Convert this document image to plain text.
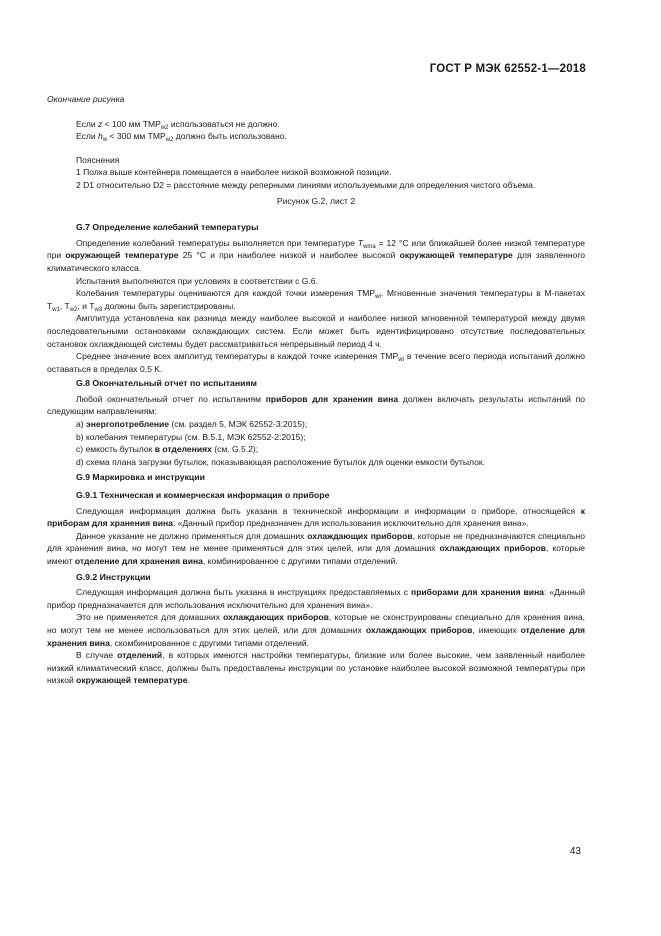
ГОСТ Р МЭК 62552-1—2018

Окончание рисунка

Если z < 100 мм $TMP_{w2}$ использоваться не должно.

Если $h_w < 300$ мм $TMP_{w2}$ должно быть использовано.

Пояснения

1 Полка выше контейнера помещается в наиболее низкой возможной позиции.

2 D1 относительно D2 = расстояние между реперными линиями используемыми для определения чистого объема.

Рисунок G.2, лист 2

G.7 Определение колебаний температуры

Определение колебаний температуры выполняется при температуре $T_{wma} = 12$ °C или ближайшей более низкой температуре при окружающей температуре 25 °C и при наиболее низкой и наиболее высокой окружающей температуре для заявленного климатического класса.

Испытания выполняются при условиях в соответствии с G.6.

Колебания температуры оцениваются для каждой точки измерения $TMP_{wi}$. Мгновенные значения температуры в М-пакетах $T_{w1}$, $T_{w2}$, и $T_{w3}$ должны быть зарегистрированы.

Амплитуда установлена как разница между наиболее высокой и наиболее низкой мгновенной температурой между двумя последовательными остановками охлаждающих систем. Если может быть идентифицировано отсутствие последовательных остановок охлаждающей системы будет рассматриваться непрерывный период 4 ч.

Среднее значение всех амплитуд температуры в каждой точке измерения $TMP_{wi}$ в течение всего периода испытаний должно оставаться в пределах 0,5 K.

G.8 Окончательный отчет по испытаниям

Любой окончательный отчет по испытаниям приборов для хранения вина должен включать результаты испытаний по следующим направлениям:

a) энергопотребление (см. раздел 5, МЭК 62552-3:2015);

b) колебания температуры (см. В.5.1, МЭК 62552-2:2015);

c) емкость бутылок в отделениях (см. G.5.2);

d) схема плана загрузки бутылок, показывающая расположение бутылок для оценки емкости бутылок.

G.9 Маркировка и инструкции
G.9.1 Техническая и коммерческая информация о приборе

Следующая информация должна быть указана в технической информации и информации о приборе, относящейся к приборам для хранения вина: «Данный прибор предназначен для использования исключительно для хранения вина».

Данное указание не должно применяться для домашних охлаждающих приборов, которые не предназначаются специально для хранения вина, но могут тем не менее применяться для этих целей, или для домашних охлаждающих приборов, которые имеют отделение для хранения вина, комбинированное с другими типами отделений.

G.9.2 Инструкции

Следующая информация должна быть указана в инструкциях предоставляемых с приборами для хранения вина: «Данный прибор предназначается для использования исключительно для хранения вина».

Это не применяется для домашних охлаждающих приборов, которые не сконструированы специально для хранения вина, но могут тем не менее использоваться для этих целей, или для домашних охлаждающих приборов, имеющих отделение для хранения вина, скомбинированное с другими типами отделений.

В случае отделений, в которых имеются настройки температуры, близкие или более высокие, чем заявленный наиболее низкий климатический класс, должны быть предоставлены инструкции по установке наиболее высокой возможной температуры при низкой окружающей температуре.

43
